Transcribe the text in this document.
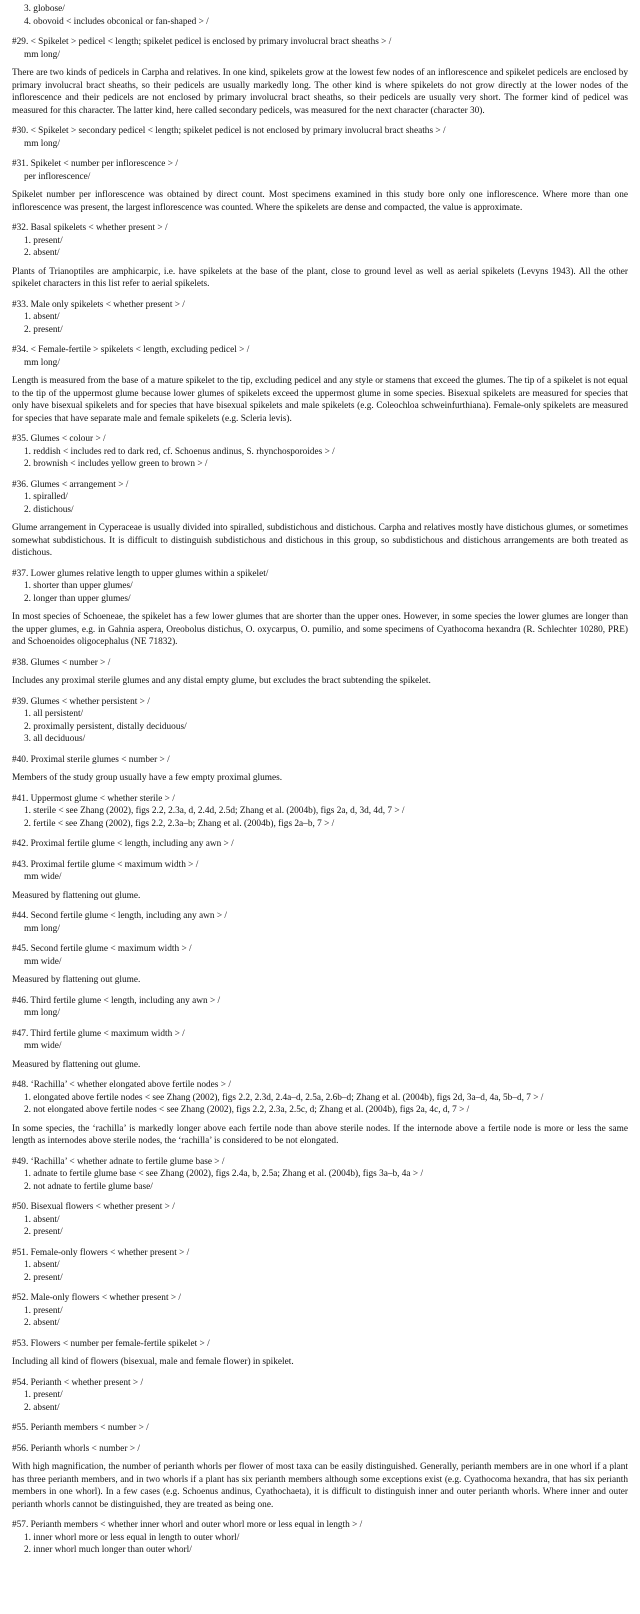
3. globose/

4. obovoid < includes obconical or fan-shaped > /

#29. < Spikelet > pedicel < length; spikelet pedicel is enclosed by primary involucral bract sheaths > /

mm long/

There are two kinds of pedicels in Carpha and relatives. In one kind, spikelets grow at the lowest few nodes of an inflorescence and spikelet pedicels are enclosed by primary involucral bract sheaths, so their pedicels are usually markedly long. The other kind is where spikelets do not grow directly at the lower nodes of the inflorescence and their pedicels are not enclosed by primary involucral bract sheaths, so their pedicels are usually very short. The former kind of pedicel was measured for this character. The latter kind, here called secondary pedicels, was measured for the next character (character 30).

#30. < Spikelet > secondary pedicel < length; spikelet pedicel is not enclosed by primary involucral bract sheaths > /

mm long/

#31. Spikelet < number per inflorescence > /

per inflorescence/

Spikelet number per inflorescence was obtained by direct count. Most specimens examined in this study bore only one inflorescence. Where more than one inflorescence was present, the largest inflorescence was counted. Where the spikelets are dense and compacted, the value is approximate.

#32. Basal spikelets < whether present > /

1. present/

2. absent/

Plants of Trianoptiles are amphicarpic, i.e. have spikelets at the base of the plant, close to ground level as well as aerial spikelets (Levyns 1943). All the other spikelet characters in this list refer to aerial spikelets.

#33. Male only spikelets < whether present > /

1. absent/

2. present/

#34. < Female-fertile > spikelets < length, excluding pedicel > /

mm long/

Length is measured from the base of a mature spikelet to the tip, excluding pedicel and any style or stamens that exceed the glumes. The tip of a spikelet is not equal to the tip of the uppermost glume because lower glumes of spikelets exceed the uppermost glume in some species. Bisexual spikelets are measured for species that only have bisexual spikelets and for species that have bisexual spikelets and male spikelets (e.g. Coleochloa schweinfurthiana). Female-only spikelets are measured for species that have separate male and female spikelets (e.g. Scleria levis).

#35. Glumes < colour > /

1. reddish < includes red to dark red, cf. Schoenus andinus, S. rhynchosporoides > /

2. brownish < includes yellow green to brown > /

#36. Glumes < arrangement > /

1. spiralled/

2. distichous/

Glume arrangement in Cyperaceae is usually divided into spiralled, subdistichous and distichous. Carpha and relatives mostly have distichous glumes, or sometimes somewhat subdistichous. It is difficult to distinguish subdistichous and distichous in this group, so subdistichous and distichous arrangements are both treated as distichous.

#37. Lower glumes relative length to upper glumes within a spikelet/

1. shorter than upper glumes/

2. longer than upper glumes/

In most species of Schoeneae, the spikelet has a few lower glumes that are shorter than the upper ones. However, in some species the lower glumes are longer than the upper glumes, e.g. in Gahnia aspera, Oreobolus distichus, O. oxycarpus, O. pumilio, and some specimens of Cyathocoma hexandra (R. Schlechter 10280, PRE) and Schoenoides oligocephalus (NE 71832).

#38. Glumes < number > /

Includes any proximal sterile glumes and any distal empty glume, but excludes the bract subtending the spikelet.

#39. Glumes < whether persistent > /

1. all persistent/

2. proximally persistent, distally deciduous/

3. all deciduous/

#40. Proximal sterile glumes < number > /

Members of the study group usually have a few empty proximal glumes.

#41. Uppermost glume < whether sterile > /

1. sterile < see Zhang (2002), figs 2.2, 2.3a, d, 2.4d, 2.5d; Zhang et al. (2004b), figs 2a, d, 3d, 4d, 7 > /

2. fertile < see Zhang (2002), figs 2.2, 2.3a–b; Zhang et al. (2004b), figs 2a–b, 7 > /

#42. Proximal fertile glume < length, including any awn > /

#43. Proximal fertile glume < maximum width > /

mm wide/

Measured by flattening out glume.

#44. Second fertile glume < length, including any awn > /

mm long/

#45. Second fertile glume < maximum width > /

mm wide/

Measured by flattening out glume.

#46. Third fertile glume < length, including any awn > /

mm long/

#47. Third fertile glume < maximum width > /

mm wide/

Measured by flattening out glume.

#48. ‘Rachilla’ < whether elongated above fertile nodes > /

1. elongated above fertile nodes < see Zhang (2002), figs 2.2, 2.3d, 2.4a–d, 2.5a, 2.6b–d; Zhang et al. (2004b), figs 2d, 3a–d, 4a, 5b–d, 7 > /

2. not elongated above fertile nodes < see Zhang (2002), figs 2.2, 2.3a, 2.5c, d; Zhang et al. (2004b), figs 2a, 4c, d, 7 > /

In some species, the ‘rachilla’ is markedly longer above each fertile node than above sterile nodes. If the internode above a fertile node is more or less the same length as internodes above sterile nodes, the ‘rachilla’ is considered to be not elongated.

#49. ‘Rachilla’ < whether adnate to fertile glume base > /

1. adnate to fertile glume base < see Zhang (2002), figs 2.4a, b, 2.5a; Zhang et al. (2004b), figs 3a–b, 4a > /

2. not adnate to fertile glume base/

#50. Bisexual flowers < whether present > /

1. absent/

2. present/

#51. Female-only flowers < whether present > /

1. absent/

2. present/

#52. Male-only flowers < whether present > /

1. present/

2. absent/

#53. Flowers < number per female-fertile spikelet > /

Including all kind of flowers (bisexual, male and female flower) in spikelet.

#54. Perianth < whether present > /

1. present/

2. absent/

#55. Perianth members < number > /

#56. Perianth whorls < number > /

With high magnification, the number of perianth whorls per flower of most taxa can be easily distinguished. Generally, perianth members are in one whorl if a plant has three perianth members, and in two whorls if a plant has six perianth members although some exceptions exist (e.g. Cyathocoma hexandra, that has six perianth members in one whorl). In a few cases (e.g. Schoenus andinus, Cyathochaeta), it is difficult to distinguish inner and outer perianth whorls. Where inner and outer perianth whorls cannot be distinguished, they are treated as being one.

#57. Perianth members < whether inner whorl and outer whorl more or less equal in length > /

1. inner whorl more or less equal in length to outer whorl/

2. inner whorl much longer than outer whorl/
